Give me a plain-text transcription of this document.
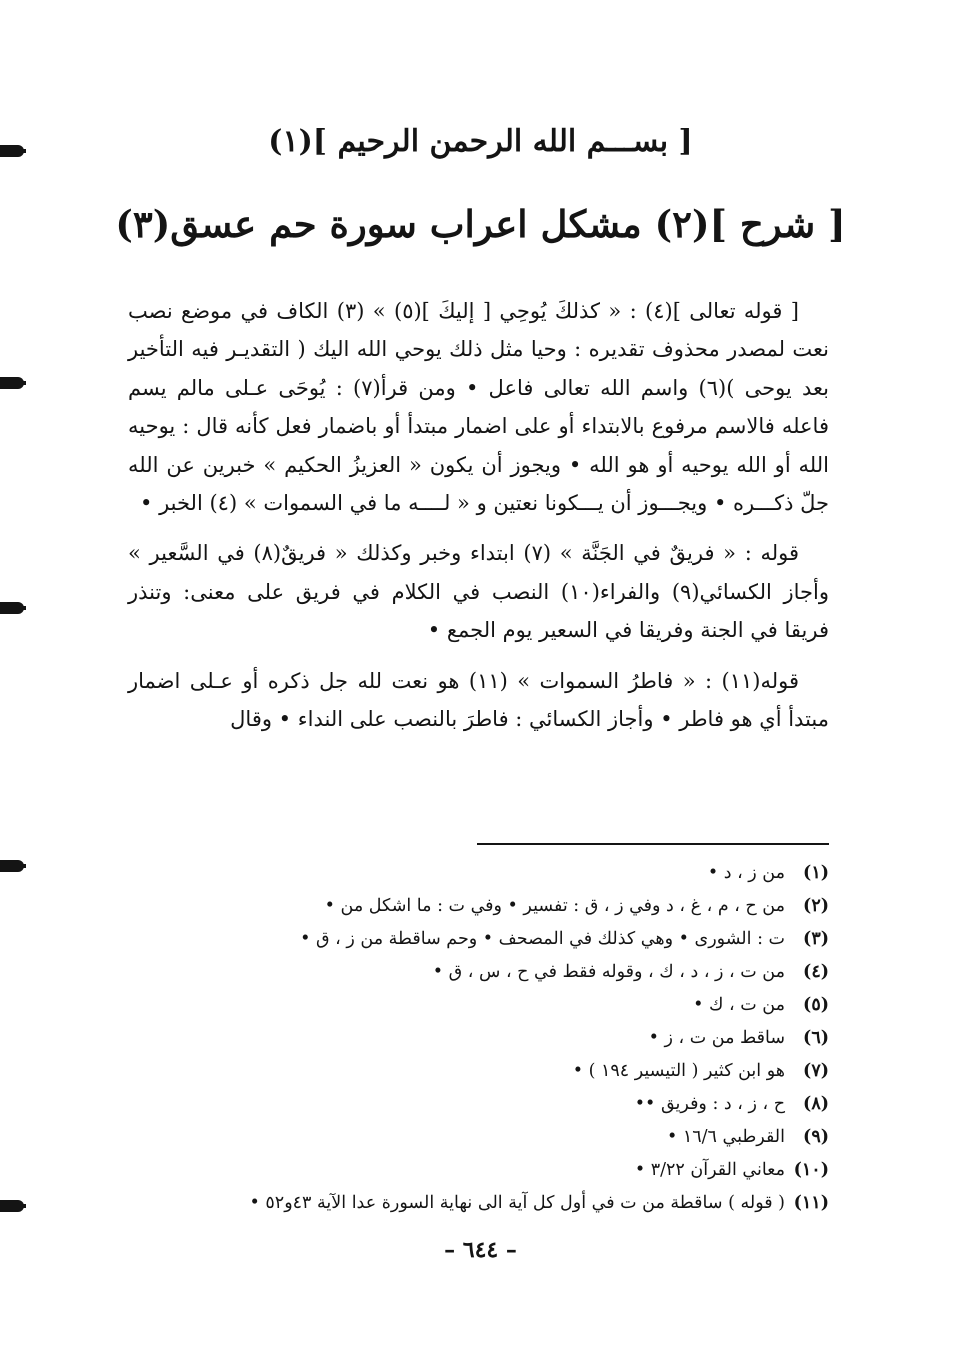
[ بســـم الله الرحمن الرحيم ](١)
[ شرح ](٢) مشكل اعراب سورة حم عسق(٣)

[ قوله تعالى ](٤) : « كذلكَ يُوحِي [ إليكَ ](٥) » (٣) الكاف في موضع نصب نعت لمصدر محذوف تقديره : وحيا مثل ذلك يوحي الله اليك ( التقديـر فيه التأخير بعد يوحى )(٦) واسم الله تعالى فاعل • ومن قرأ(٧) : يُوحَى عـلى مالم يسم فاعله فالاسم مرفوع بالابتداء أو على اضمار مبتدأ أو باضمار فعل كأنه قال : يوحيه الله أو الله يوحيه أو هو الله • ويجوز أن يكون « العزيزُ الحكيم » خبرين عن الله جلّ ذكـــره • ويجـــوز أن يـــكونا نعتين و « لــــه ما في السموات » (٤) الخبر •

قوله : « فريقٌ في الجَنَّة » (٧) ابتداء وخبر وكذلك « فريقٌ(٨) في السَّعير » وأجاز الكسائي(٩) والفراء(١٠) النصب في الكلام في فريق على معنى: وتنذر فريقا في الجنة وفريقا في السعير يوم الجمع •

قوله(١١) : « فاطرُ السموات » (١١) هو نعت لله جل ذكره أو عـلى اضمار مبتدأ أي هو فاطر • وأجاز الكسائي : فاطرَ بالنصب على النداء • وقال

(١)
من ز ، د •
(٢)
من ح ، م ، غ ، د وفي ز ، ق : تفسير • وفي ت : ما اشكل من •
(٣)
ت : الشورى • وهي كذلك في المصحف • وحم ساقطة من ز ، ق •
(٤)
من ت ، ز ، د ، ك ، وقوله فقط في ح ، س ، ق •
(٥)
من ت ، ك •
(٦)
ساقط من ت ، ز •
(٧)
هو ابن كثير ( التيسير ١٩٤ ) •
(٨)
ح ، ز ، د : وفريق ••
(٩)
القرطبي ١٦/٦ •
(١٠)
معاني القرآن ٣/٢٢ •
(١١)
( قوله ) ساقطة من ت في أول كل آية الى نهاية السورة عدا الآية ٤٣و٥٢ •
– ٦٤٤ –
